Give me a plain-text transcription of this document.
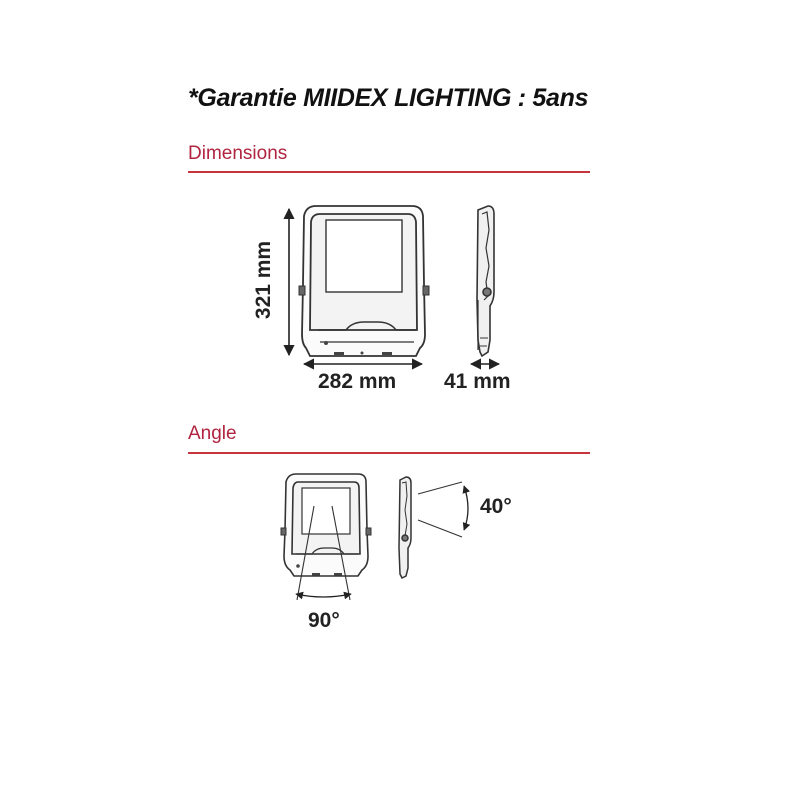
*Garantie MIIDEX LIGHTING : 5ans
Dimensions
321 mm
282 mm 41 mm
Angle
40°
90°
